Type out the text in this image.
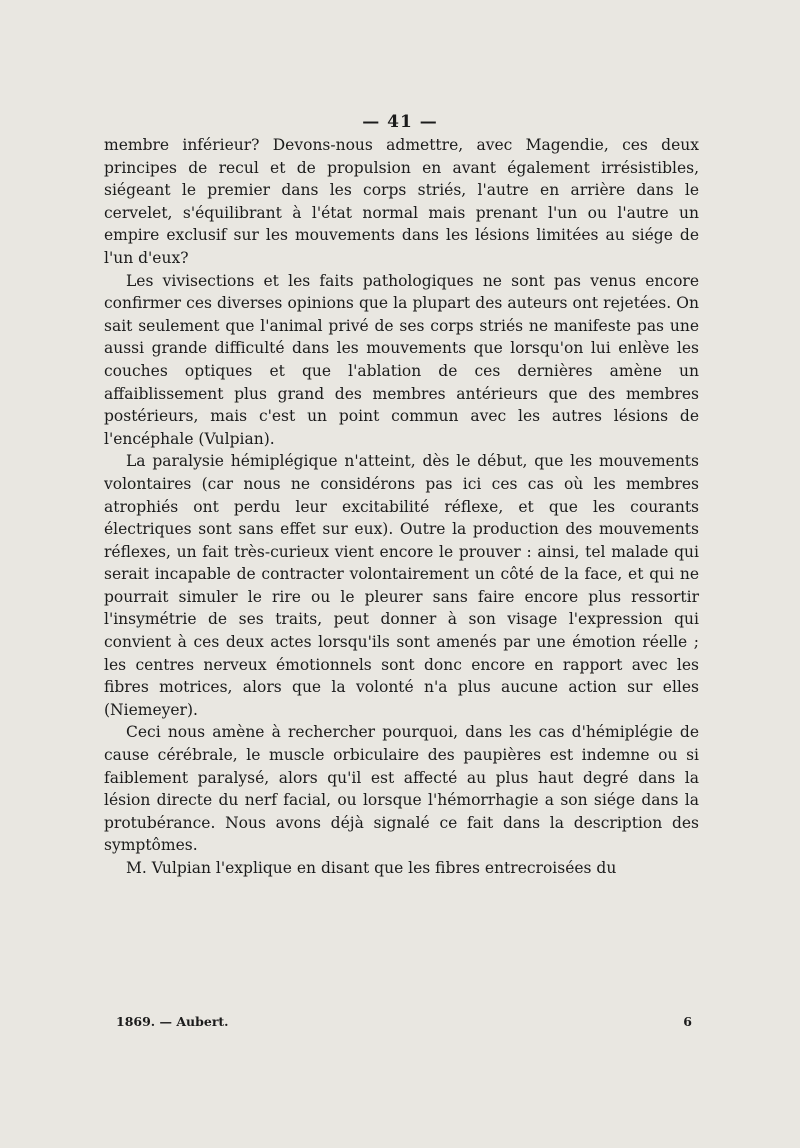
— 41 —

membre inférieur? Devons-nous admettre, avec Magendie, ces deux principes de recul et de propulsion en avant également irrésistibles, siégeant le premier dans les corps striés, l'autre en arrière dans le cervelet, s'équilibrant à l'état normal mais prenant l'un ou l'autre un empire exclusif sur les mouvements dans les lésions limitées au siége de l'un d'eux?

Les vivisections et les faits pathologiques ne sont pas venus encore confirmer ces diverses opinions que la plupart des auteurs ont rejetées. On sait seulement que l'animal privé de ses corps striés ne manifeste pas une aussi grande difficulté dans les mouvements que lorsqu'on lui enlève les couches optiques et que l'ablation de ces dernières amène un affaiblissement plus grand des membres antérieurs que des membres postérieurs, mais c'est un point commun avec les autres lésions de l'encéphale (Vulpian).

La paralysie hémiplégique n'atteint, dès le début, que les mouvements volontaires (car nous ne considérons pas ici ces cas où les membres atrophiés ont perdu leur excitabilité réflexe, et que les courants électriques sont sans effet sur eux). Outre la production des mouvements réflexes, un fait très-curieux vient encore le prouver : ainsi, tel malade qui serait incapable de contracter volontairement un côté de la face, et qui ne pourrait simuler le rire ou le pleurer sans faire encore plus ressortir l'insymétrie de ses traits, peut donner à son visage l'expression qui convient à ces deux actes lorsqu'ils sont amenés par une émotion réelle ; les centres nerveux émotionnels sont donc encore en rapport avec les fibres motrices, alors que la volonté n'a plus aucune action sur elles (Niemeyer).

Ceci nous amène à rechercher pourquoi, dans les cas d'hémiplégie de cause cérébrale, le muscle orbiculaire des paupières est indemne ou si faiblement paralysé, alors qu'il est affecté au plus haut degré dans la lésion directe du nerf facial, ou lorsque l'hémorrhagie a son siége dans la protubérance. Nous avons déjà signalé ce fait dans la description des symptômes.

M. Vulpian l'explique en disant que les fibres entrecroisées du

1869. — Aubert.	6
